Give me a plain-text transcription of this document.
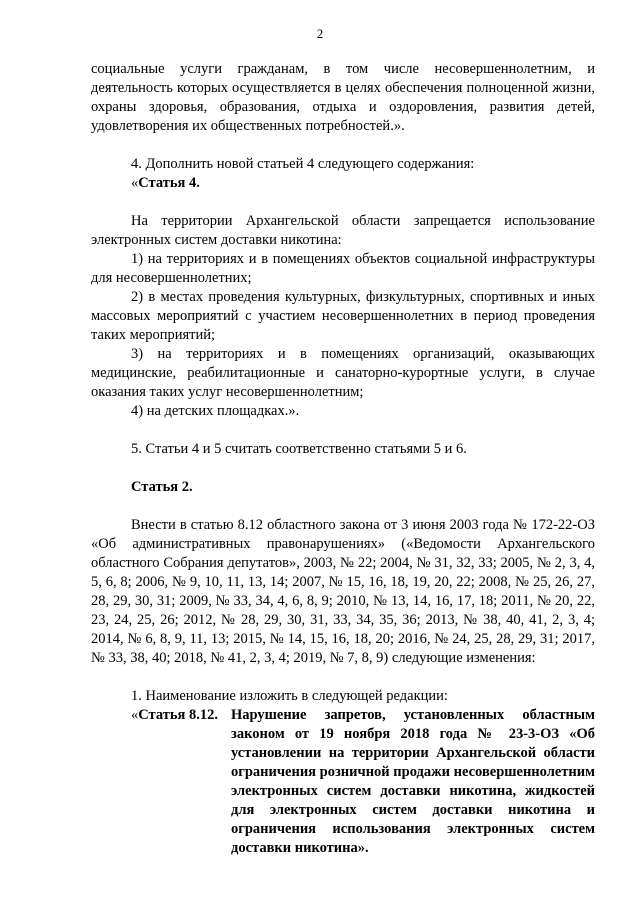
2

социальные услуги гражданам, в том числе несовершеннолетним, и деятельность которых осуществляется в целях обеспечения полноценной жизни, охраны здоровья, образования, отдыха и оздоровления, развития детей, удовлетворения их общественных потребностей.».

4. Дополнить новой статьей 4 следующего содержания:

«Статья 4.

На территории Архангельской области запрещается использование электронных систем доставки никотина:

1) на территориях и в помещениях объектов социальной инфраструктуры для несовершеннолетних;

2) в местах проведения культурных, физкультурных, спортивных и иных массовых мероприятий с участием несовершеннолетних в период проведения таких мероприятий;

3) на территориях и в помещениях организаций, оказывающих медицинские, реабилитационные и санаторно-курортные услуги, в случае оказания таких услуг несовершеннолетним;

4) на детских площадках.».

5. Статьи 4 и 5 считать соответственно статьями 5 и 6.

Статья 2.

Внести в статью 8.12 областного закона от 3 июня 2003 года № 172-22-ОЗ «Об административных правонарушениях» («Ведомости Архангельского областного Собрания депутатов», 2003, № 22; 2004, № 31, 32, 33; 2005, № 2, 3, 4, 5, 6, 8; 2006, № 9, 10, 11, 13, 14; 2007, № 15, 16, 18, 19, 20, 22; 2008, № 25, 26, 27, 28, 29, 30, 31; 2009, № 33, 34, 4, 6, 8, 9; 2010, № 13, 14, 16, 17, 18; 2011, № 20, 22, 23, 24, 25, 26; 2012, № 28, 29, 30, 31, 33, 34, 35, 36; 2013, № 38, 40, 41, 2, 3, 4; 2014, № 6, 8, 9, 11, 13; 2015, № 14, 15, 16, 18, 20; 2016, № 24, 25, 28, 29, 31; 2017, № 33, 38, 40; 2018, № 41, 2, 3, 4; 2019, № 7, 8, 9) следующие изменения:

1. Наименование изложить в следующей редакции:

«Статья 8.12. Нарушение запретов, установленных областным законом от 19 ноября 2018 года № 23-3-ОЗ «Об установлении на территории Архангельской области ограничения розничной продажи несовершеннолетним электронных систем доставки никотина, жидкостей для электронных систем доставки никотина и ограничения использования электронных систем доставки никотина».
